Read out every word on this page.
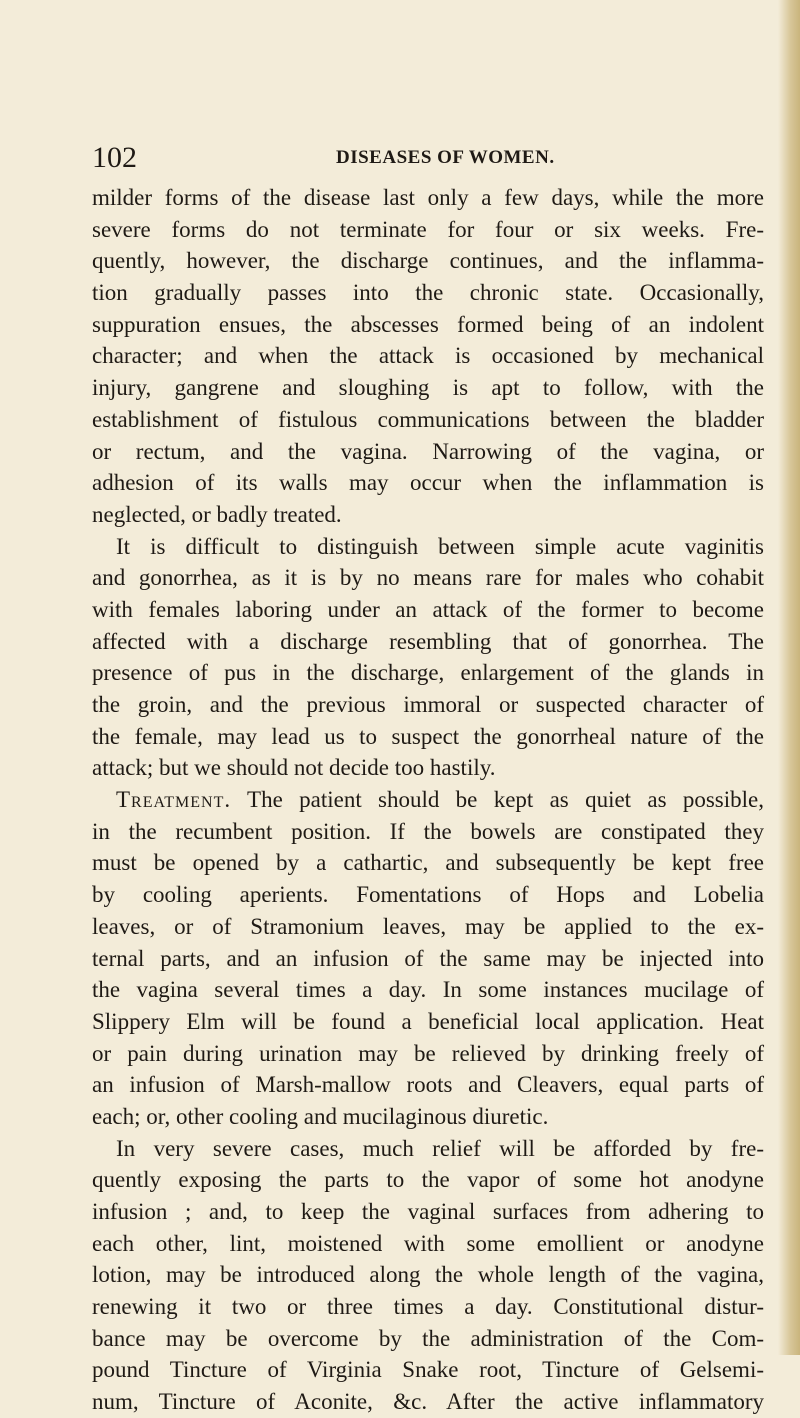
102	DISEASES OF WOMEN.
milder forms of the disease last only a few days, while the more
severe forms do not terminate for four or six weeks. Fre-
quently, however, the discharge continues, and the inflamma-
tion gradually passes into the chronic state. Occasionally,
suppuration ensues, the abscesses formed being of an indolent
character; and when the attack is occasioned by mechanical
injury, gangrene and sloughing is apt to follow, with the
establishment of fistulous communications between the bladder
or rectum, and the vagina. Narrowing of the vagina, or
adhesion of its walls may occur when the inflammation is
neglected, or badly treated.
It is difficult to distinguish between simple acute vaginitis
and gonorrhea, as it is by no means rare for males who cohabit
with females laboring under an attack of the former to become
affected with a discharge resembling that of gonorrhea. The
presence of pus in the discharge, enlargement of the glands in
the groin, and the previous immoral or suspected character of
the female, may lead us to suspect the gonorrheal nature of the
attack; but we should not decide too hastily.
Treatment. The patient should be kept as quiet as possible,
in the recumbent position. If the bowels are constipated they
must be opened by a cathartic, and subsequently be kept free
by cooling aperients. Fomentations of Hops and Lobelia
leaves, or of Stramonium leaves, may be applied to the ex-
ternal parts, and an infusion of the same may be injected into
the vagina several times a day. In some instances mucilage of
Slippery Elm will be found a beneficial local application. Heat
or pain during urination may be relieved by drinking freely of
an infusion of Marsh-mallow roots and Cleavers, equal parts of
each; or, other cooling and mucilaginous diuretic.
In very severe cases, much relief will be afforded by fre-
quently exposing the parts to the vapor of some hot anodyne
infusion ; and, to keep the vaginal surfaces from adhering to
each other, lint, moistened with some emollient or anodyne
lotion, may be introduced along the whole length of the vagina,
renewing it two or three times a day. Constitutional distur-
bance may be overcome by the administration of the Com-
pound Tincture of Virginia Snake root, Tincture of Gelsemi-
num, Tincture of Aconite, &c. After the active inflammatory
